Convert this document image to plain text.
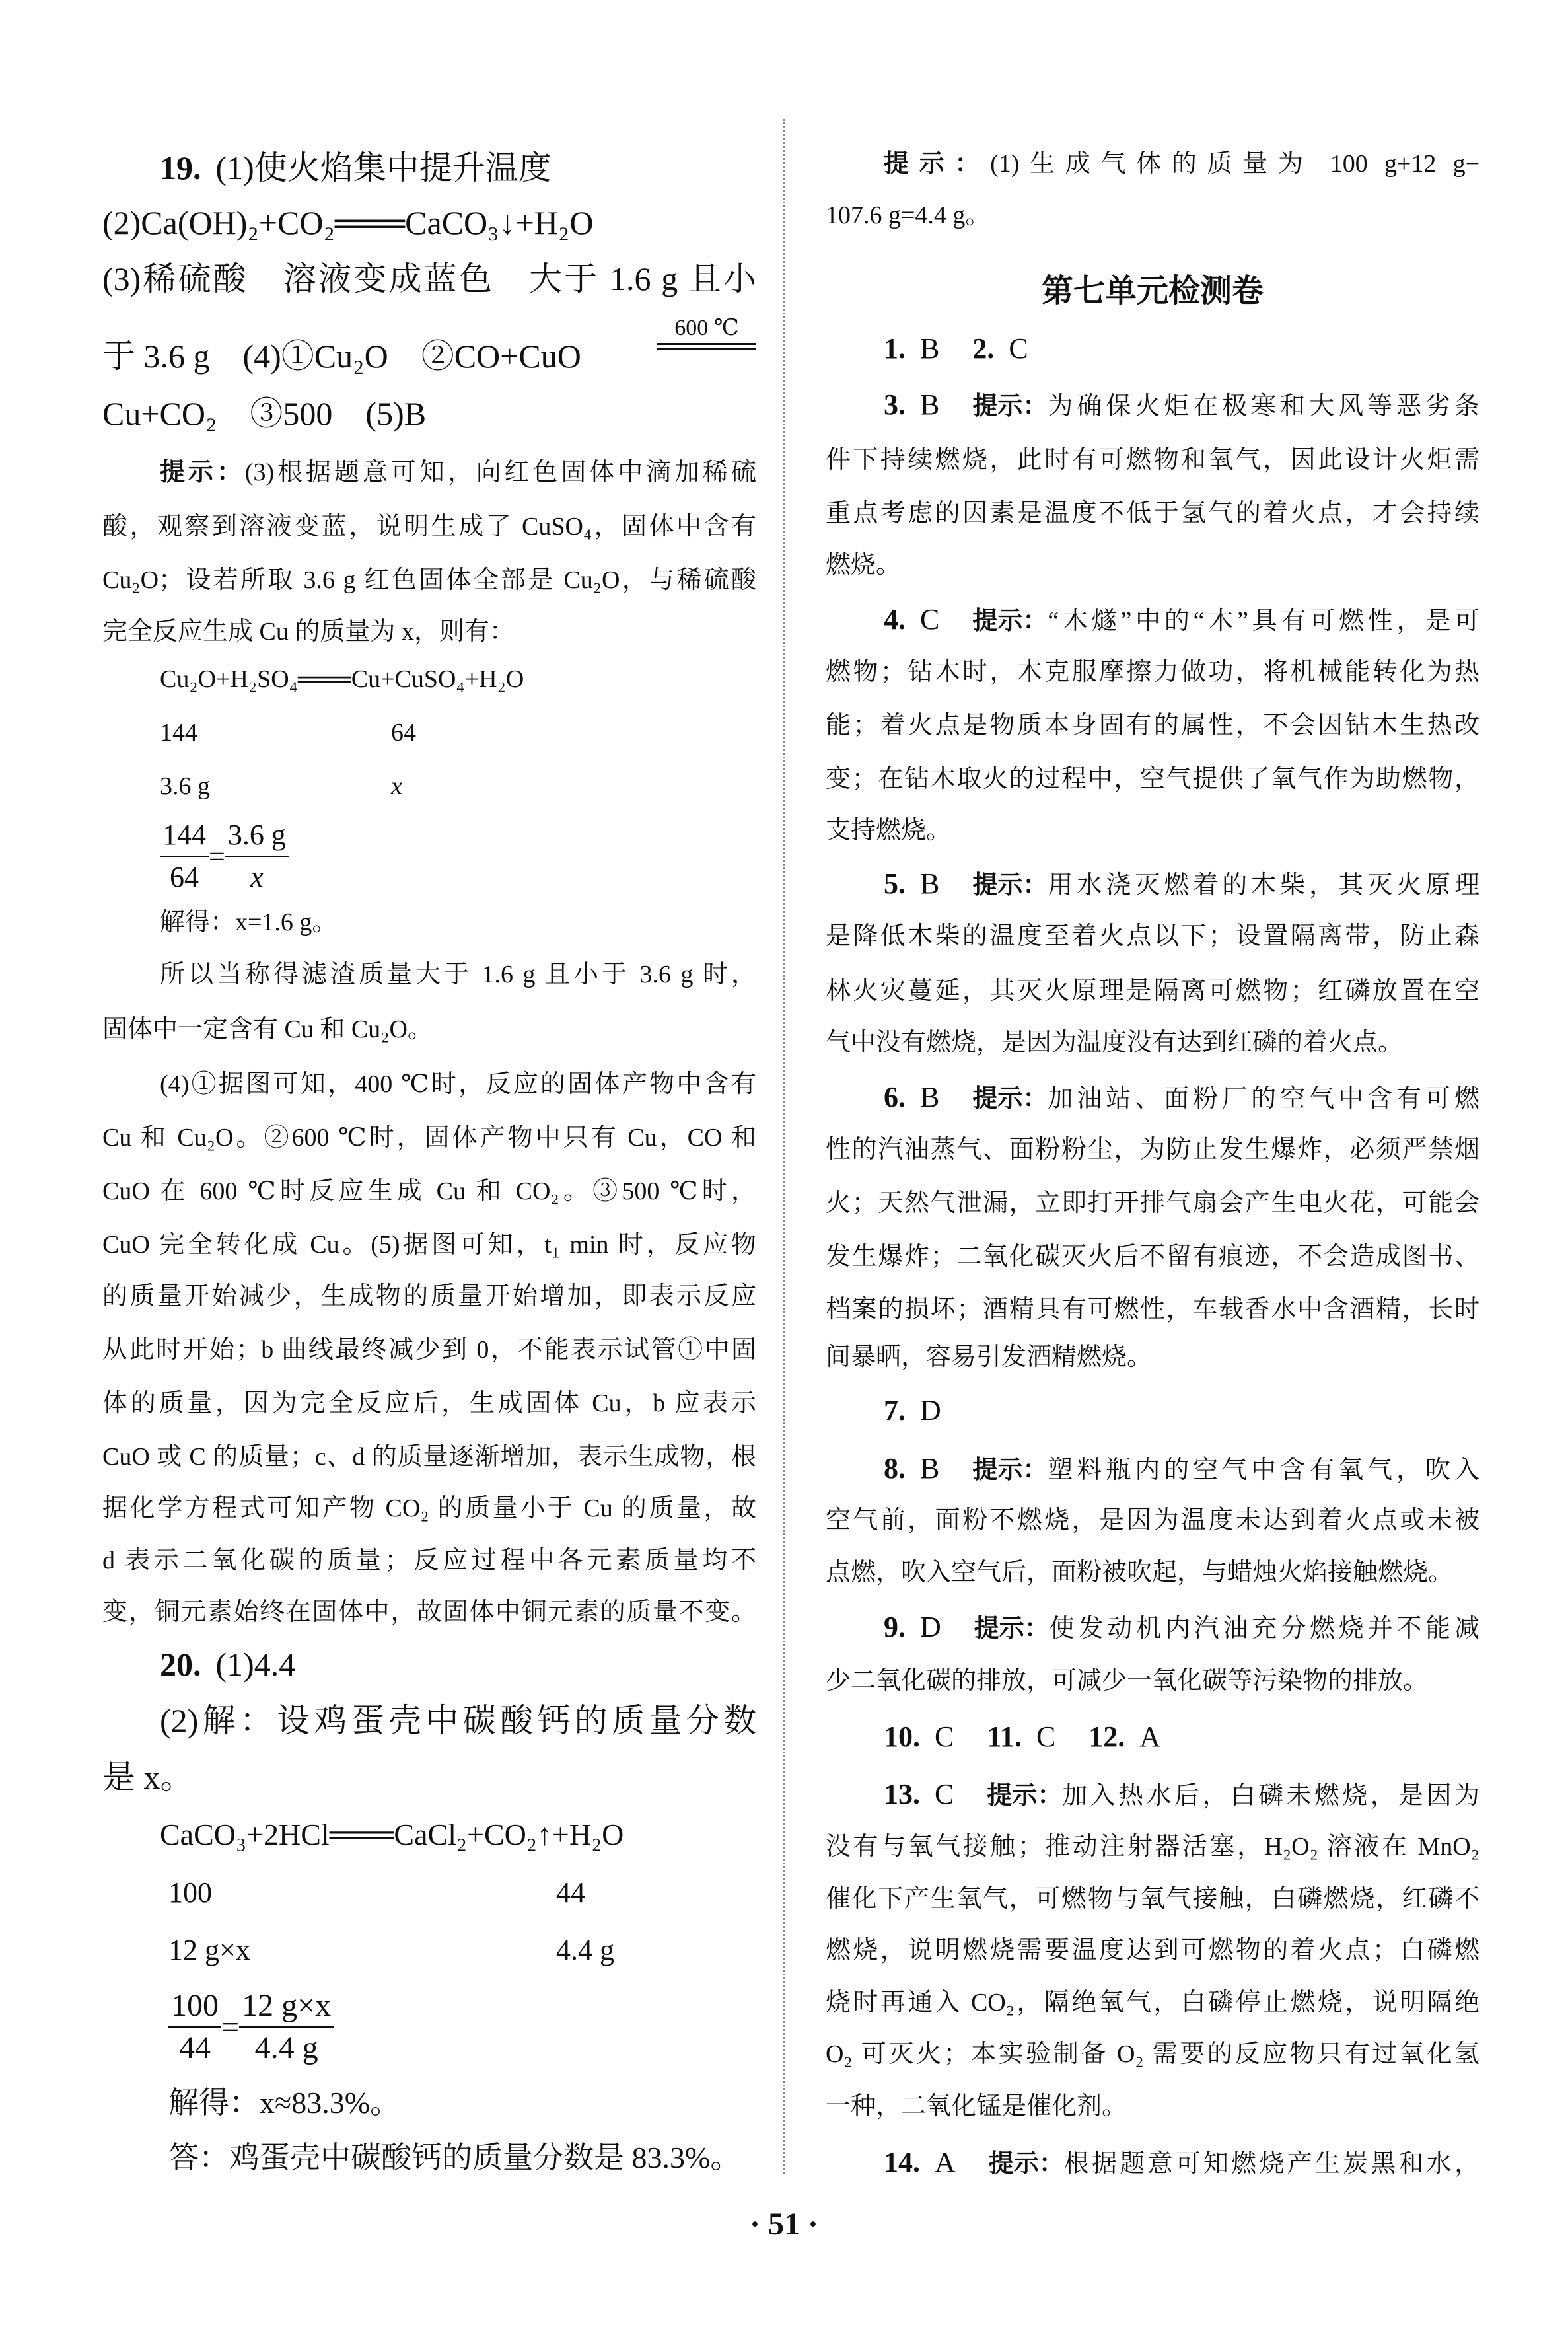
19. (1)使火焰集中提升温度
(2)Ca(OH)₂+CO₂═══CaCO₃↓+H₂O
(3)稀硫酸　溶液变成蓝色　大于 1.6 g 且小
于 3.6 g　(4)①Cu₂O　②CO+CuO
600 ℃
Cu+CO₂　③500　(5)B
提示：(3)根据题意可知，向红色固体中滴加稀硫
酸，观察到溶液变蓝，说明生成了 CuSO₄，固体中含有
Cu₂O；设若所取 3.6 g 红色固体全部是 Cu₂O，与稀硫酸
完全反应生成 Cu 的质量为 x，则有：
Cu₂O+H₂SO₄═══Cu+CuSO₄+H₂O
144	64
3.6 g	x
$\frac{144}{64} = \frac{3.6 g}{x}$
解得：x=1.6 g。
所以当称得滤渣质量大于 1.6 g 且小于 3.6 g 时，
固体中一定含有 Cu 和 Cu₂O。
(4)①据图可知，400 ℃时，反应的固体产物中含有
Cu 和 Cu₂O。②600 ℃时，固体产物中只有 Cu，CO 和
CuO 在 600 ℃时反应生成 Cu 和 CO₂。③500 ℃时，
CuO 完全转化成 Cu。(5)据图可知，t₁ min 时，反应物
的质量开始减少，生成物的质量开始增加，即表示反应
从此时开始；b 曲线最终减少到 0，不能表示试管①中固
体的质量，因为完全反应后，生成固体 Cu，b 应表示
CuO 或 C 的质量；c、d 的质量逐渐增加，表示生成物，根
据化学方程式可知产物 CO₂ 的质量小于 Cu 的质量，故
d 表示二氧化碳的质量；反应过程中各元素质量均不
变，铜元素始终在固体中，故固体中铜元素的质量不变。
20. (1)4.4
(2)解：设鸡蛋壳中碳酸钙的质量分数
是 x。
CaCO₃+2HCl═══CaCl₂+CO₂↑+H₂O
100	44
12 g×x	4.4 g
$\frac{100}{44} = \frac{12 g\times x}{4.4 g}$
解得：x≈83.3%。
答：鸡蛋壳中碳酸钙的质量分数是 83.3%。
提示：(1)生成气体的质量为 100 g+12 g−
107.6 g=4.4 g。
第七单元检测卷
1. B 2. C
3. B 提示： 为确保火炬在极寒和大风等恶劣条
件下持续燃烧，此时有可燃物和氧气，因此设计火炬需
重点考虑的因素是温度不低于氢气的着火点，才会持续
燃烧。
4. C 提示： “木燧”中的“木”具有可燃性，是可
燃物；钻木时，木克服摩擦力做功，将机械能转化为热
能；着火点是物质本身固有的属性，不会因钻木生热改
变；在钻木取火的过程中，空气提供了氧气作为助燃物，
支持燃烧。
5. B 提示： 用水浇灭燃着的木柴，其灭火原理
是降低木柴的温度至着火点以下；设置隔离带，防止森
林火灾蔓延，其灭火原理是隔离可燃物；红磷放置在空
气中没有燃烧，是因为温度没有达到红磷的着火点。
6. B 提示： 加油站、面粉厂的空气中含有可燃
性的汽油蒸气、面粉粉尘，为防止发生爆炸，必须严禁烟
火；天然气泄漏，立即打开排气扇会产生电火花，可能会
发生爆炸；二氧化碳灭火后不留有痕迹，不会造成图书、
档案的损坏；酒精具有可燃性，车载香水中含酒精，长时
间暴晒，容易引发酒精燃烧。
7. D
8. B 提示： 塑料瓶内的空气中含有氧气，吹入
空气前，面粉不燃烧，是因为温度未达到着火点或未被
点燃，吹入空气后，面粉被吹起，与蜡烛火焰接触燃烧。
9. D 提示： 使发动机内汽油充分燃烧并不能减
少二氧化碳的排放，可减少一氧化碳等污染物的排放。
10. C 11. C 12. A
13. C 提示： 加入热水后，白磷未燃烧，是因为
没有与氧气接触；推动注射器活塞，H₂O₂ 溶液在 MnO₂
催化下产生氧气，可燃物与氧气接触，白磷燃烧，红磷不
燃烧，说明燃烧需要温度达到可燃物的着火点；白磷燃
烧时再通入 CO₂，隔绝氧气，白磷停止燃烧，说明隔绝
O₂ 可灭火；本实验制备 O₂ 需要的反应物只有过氧化氢
一种，二氧化锰是催化剂。
14. A 提示： 根据题意可知燃烧产生炭黑和水，
· 51 ·
